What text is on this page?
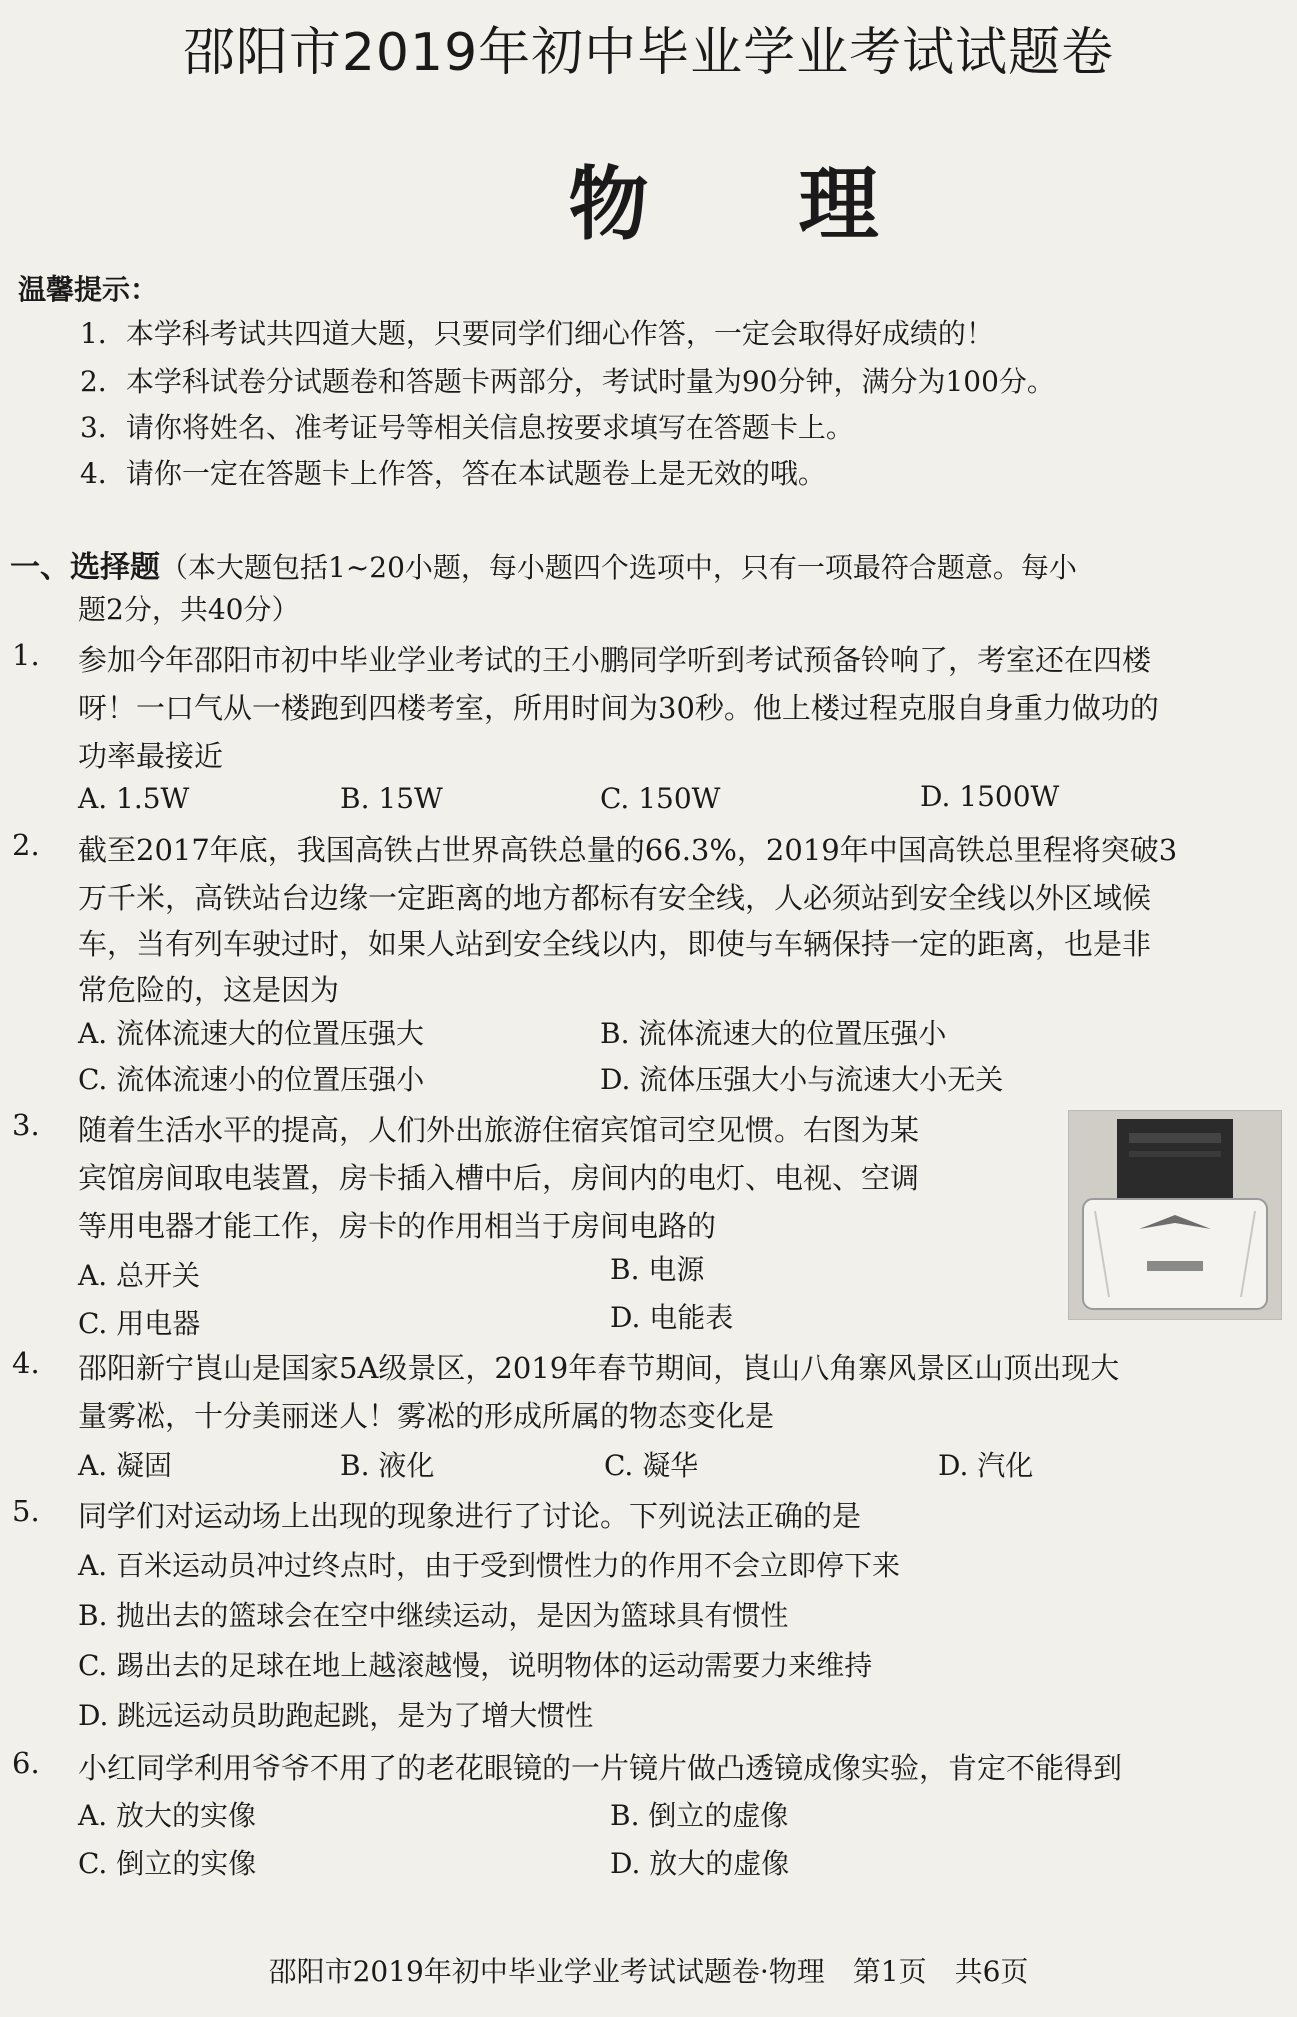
邵阳市2019年初中毕业学业考试试题卷
物理
温馨提示：
1．本学科考试共四道大题，只要同学们细心作答，一定会取得好成绩的！
2．本学科试卷分试题卷和答题卡两部分，考试时量为90分钟，满分为100分。
3．请你将姓名、准考证号等相关信息按要求填写在答题卡上。
4．请你一定在答题卡上作答，答在本试题卷上是无效的哦。
一、选择题（本大题包括1~20小题，每小题四个选项中，只有一项最符合题意。每小
题2分，共40分）
1. 参加今年邵阳市初中毕业学业考试的王小鹏同学听到考试预备铃响了，考室还在四楼
呀！一口气从一楼跑到四楼考室，所用时间为30秒。他上楼过程克服自身重力做功的
功率最接近
A. 1.5W	B. 15W	C. 150W	D. 1500W
2. 截至2017年底，我国高铁占世界高铁总量的66.3%，2019年中国高铁总里程将突破3
万千米，高铁站台边缘一定距离的地方都标有安全线，人必须站到安全线以外区域候
车，当有列车驶过时，如果人站到安全线以内，即使与车辆保持一定的距离，也是非
常危险的，这是因为
A. 流体流速大的位置压强大	B. 流体流速大的位置压强小
C. 流体流速小的位置压强小	D. 流体压强大小与流速大小无关
3. 随着生活水平的提高，人们外出旅游住宿宾馆司空见惯。右图为某
宾馆房间取电装置，房卡插入槽中后，房间内的电灯、电视、空调
等用电器才能工作，房卡的作用相当于房间电路的
A. 总开关	B. 电源
C. 用电器	D. 电能表
4. 邵阳新宁崀山是国家5A级景区，2019年春节期间，崀山八角寨风景区山顶出现大
量雾凇，十分美丽迷人！雾凇的形成所属的物态变化是
A. 凝固	B. 液化	C. 凝华	D. 汽化
5. 同学们对运动场上出现的现象进行了讨论。下列说法正确的是
A. 百米运动员冲过终点时，由于受到惯性力的作用不会立即停下来
B. 抛出去的篮球会在空中继续运动，是因为篮球具有惯性
C. 踢出去的足球在地上越滚越慢，说明物体的运动需要力来维持
D. 跳远运动员助跑起跳，是为了增大惯性
6. 小红同学利用爷爷不用了的老花眼镜的一片镜片做凸透镜成像实验，肯定不能得到
A. 放大的实像	B. 倒立的虚像
C. 倒立的实像	D. 放大的虚像
邵阳市2019年初中毕业学业考试试题卷·物理　第1页　共6页
